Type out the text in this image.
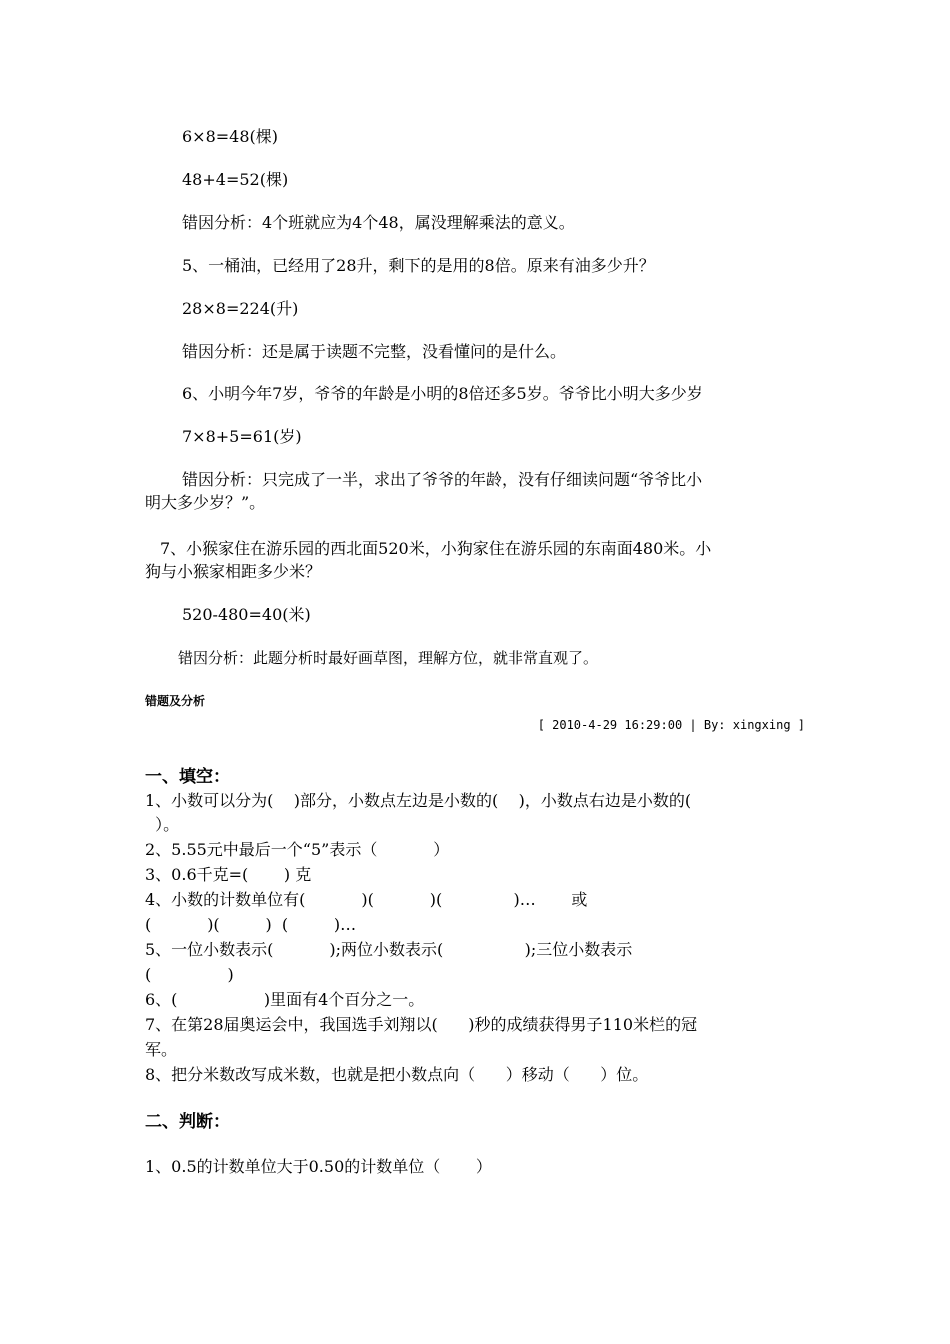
6×8=48(棵)
48+4=52(棵)
错因分析：4个班就应为4个48，属没理解乘法的意义。
5、一桶油，已经用了28升，剩下的是用的8倍。原来有油多少升？
28×8=224(升)
错因分析：还是属于读题不完整，没看懂问的是什么。
6、小明今年7岁，爷爷的年龄是小明的8倍还多5岁。爷爷比小明大多少岁
7×8+5=61(岁)
错因分析：只完成了一半，求出了爷爷的年龄，没有仔细读问题“爷爷比小
明大多少岁？”。
7、小猴家住在游乐园的西北面520米，小狗家住在游乐园的东南面480米。小
狗与小猴家相距多少米？
520-480=40(米)
错因分析：此题分析时最好画草图，理解方位，就非常直观了。
错题及分析
[ 2010-4-29 16:29:00 | By: xingxing ]
一、填空：
1、小数可以分为(    )部分，小数点左边是小数的(    )，小数点右边是小数的(
）。
2、5.55元中最后一个“5”表示（           ）
3、0.6千克=(       ) 克
4、小数的计数单位有(           )(           )(              )…       或
(           )(         )  (         )…
5、一位小数表示(           );两位小数表示(                );三位小数表示
(               )
6、(                 )里面有4个百分之一。
7、在第28届奥运会中，我国选手刘翔以(      )秒的成绩获得男子110米栏的冠
军。
8、把分米数改写成米数，也就是把小数点向（      ）移动（      ）位。
二、判断：
1、0.5的计数单位大于0.50的计数单位（       ）
